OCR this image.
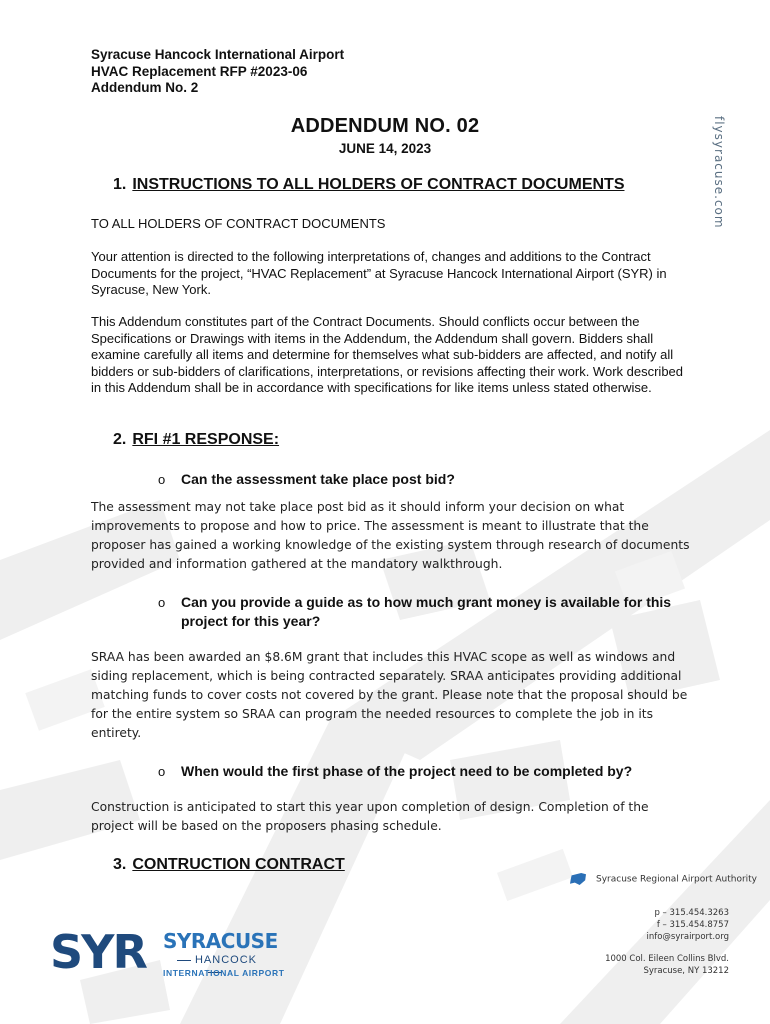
Syracuse Hancock International Airport
HVAC Replacement RFP #2023-06
Addendum No. 2
flysyracuse.com
ADDENDUM NO. 02
JUNE 14, 2023
1. INSTRUCTIONS TO ALL HOLDERS OF CONTRACT DOCUMENTS
TO ALL HOLDERS OF CONTRACT DOCUMENTS
Your attention is directed to the following interpretations of, changes and additions to the Contract Documents for the project, “HVAC Replacement” at Syracuse Hancock International Airport (SYR) in Syracuse, New York.
This Addendum constitutes part of the Contract Documents. Should conflicts occur between the Specifications or Drawings with items in the Addendum, the Addendum shall govern. Bidders shall examine carefully all items and determine for themselves what sub-bidders are affected, and notify all bidders or sub-bidders of clarifications, interpretations, or revisions affecting their work. Work described in this Addendum shall be in accordance with specifications for like items unless stated otherwise.
2. RFI #1 RESPONSE:
o Can the assessment take place post bid?
The assessment may not take place post bid as it should inform your decision on what improvements to propose and how to price. The assessment is meant to illustrate that the proposer has gained a working knowledge of the existing system through research of documents provided and information gathered at the mandatory walkthrough.
o Can you provide a guide as to how much grant money is available for this project for this year?
SRAA has been awarded an $8.6M grant that includes this HVAC scope as well as windows and siding replacement, which is being contracted separately. SRAA anticipates providing additional matching funds to cover costs not covered by the grant. Please note that the proposal should be for the entire system so SRAA can program the needed resources to complete the job in its entirety.
o When would the first phase of the project need to be completed by?
Construction is anticipated to start this year upon completion of design. Completion of the project will be based on the proposers phasing schedule.
3. CONTRUCTION CONTRACT
Syracuse Regional Airport Authority
p – 315.454.3263
f – 315.454.8757
info@syrairport.org
1000 Col. Eileen Collins Blvd.
Syracuse, NY 13212
SYR SYRACUSE
HANCOCK
INTERNATIONAL AIRPORT
